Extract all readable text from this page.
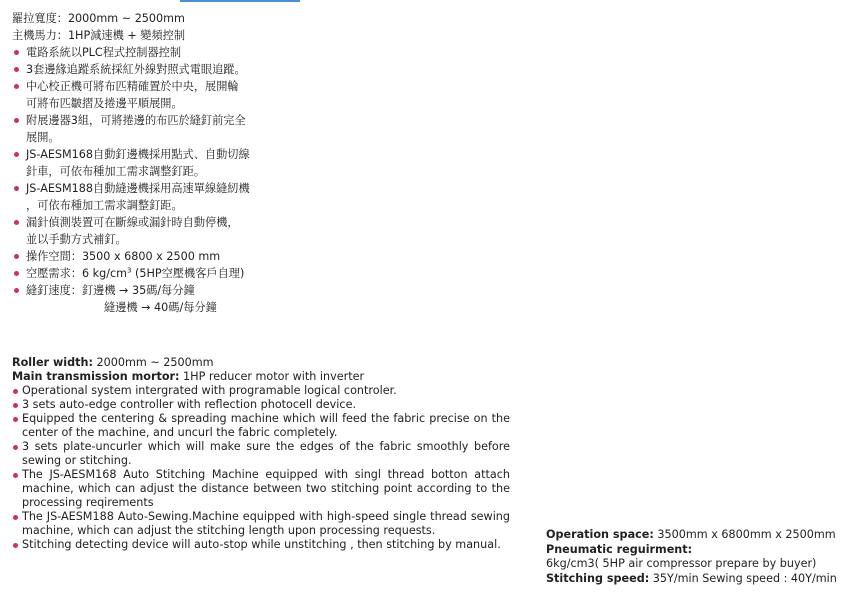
羅拉寬度：2000mm ~ 2500mm
主機馬力：1HP減速機 + 變頻控制
電路系統以PLC程式控制器控制
3套邊緣追蹤系統採紅外線對照式電眼追蹤。
中心校正機可將布匹精確置於中央，展開輪
可將布匹皺摺及捲邊平順展開。
附展邊器3組，可將捲邊的布匹於縫釘前完全
展開。
JS-AESM168自動釘邊機採用點式、自動切線
針車，可依布種加工需求調整釘距。
JS-AESM188自動縫邊機採用高速單線縫紉機
，可依布種加工需求調整釘距。
漏針偵測裝置可在斷線或漏針時自動停機，
並以手動方式補釘。
操作空間：3500 x 6800 x 2500 mm
空壓需求：6 $kg/cm^3$ (5HP空壓機客戶自理)
縫釘速度：釘邊機 → 35碼/每分鐘
縫邊機 → 40碼/每分鐘
Roller width: 2000mm ~ 2500mm
Main transmission mortor: 1HP reducer motor with inverter
Operational system intergrated with programable logical controler.
3 sets auto-edge controller with reflection photocell device.
Equipped the centering & spreading machine which will feed the fabric precise on the center of the machine, and uncurl the fabric completely.
3 sets plate-uncurler which will make sure the edges of the fabric smoothly before sewing or stitching.
The JS-AESM168 Auto Stitching Machine equipped with singl thread botton attach machine, which can adjust the distance between two stitching point according to the processing reqirements
The JS-AESM188 Auto-Sewing.Machine equipped with high-speed single thread sewing machine, which can adjust the stitching length upon processing requests.
Stitching detecting device will auto-stop while unstitching , then stitching by manual.
Operation space: 3500mm x 6800mm x 2500mm
Pneumatic reguirment:
6kg/cm3( 5HP air compressor prepare by buyer)
Stitching speed: 35Y/min Sewing speed : 40Y/min
